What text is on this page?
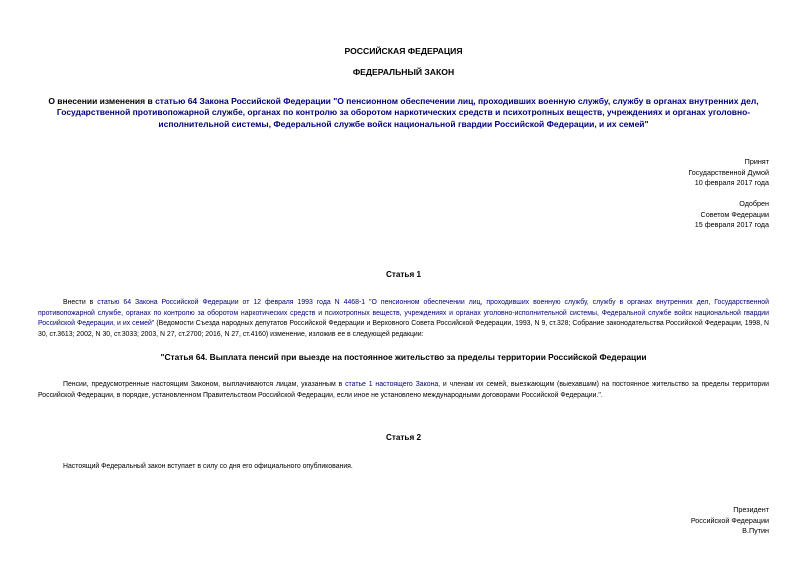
РОССИЙСКАЯ ФЕДЕРАЦИЯ
ФЕДЕРАЛЬНЫЙ ЗАКОН
О внесении изменения в статью 64 Закона Российской Федерации "О пенсионном обеспечении лиц, проходивших военную службу, службу в органах внутренних дел, Государственной противопожарной службе, органах по контролю за оборотом наркотических средств и психотропных веществ, учреждениях и органах уголовно-исполнительной системы, Федеральной службе войск национальной гвардии Российской Федерации, и их семей"
Принят
Государственной Думой
10 февраля 2017 года
Одобрен
Советом Федерации
15 февраля 2017 года
Статья 1
Внести в статью 64 Закона Российской Федерации от 12 февраля 1993 года N 4468-1 "О пенсионном обеспечении лиц, проходивших военную службу, службу в органах внутренних дел, Государственной противопожарной службе, органах по контролю за оборотом наркотических средств и психотропных веществ, учреждениях и органах уголовно-исполнительной системы, Федеральной службе войск национальной гвардии Российской Федерации, и их семей" (Ведомости Съезда народных депутатов Российской Федерации и Верховного Совета Российской Федерации, 1993, N 9, ст.328; Собрание законодательства Российской Федерации, 1998, N 30, ст.3613; 2002, N 30, ст.3033; 2003, N 27, ст.2700; 2016, N 27, ст.4160) изменение, изложив ее в следующей редакции:
"Статья 64. Выплата пенсий при выезде на постоянное жительство за пределы территории Российской Федерации
Пенсии, предусмотренные настоящим Законом, выплачиваются лицам, указанным в статье 1 настоящего Закона, и членам их семей, выезжающим (выехавшим) на постоянное жительство за пределы территории Российской Федерации, в порядке, установленном Правительством Российской Федерации, если иное не установлено международными договорами Российской Федерации.".
Статья 2
Настоящий Федеральный закон вступает в силу со дня его официального опубликования.
Президент
Российской Федерации
В.Путин
